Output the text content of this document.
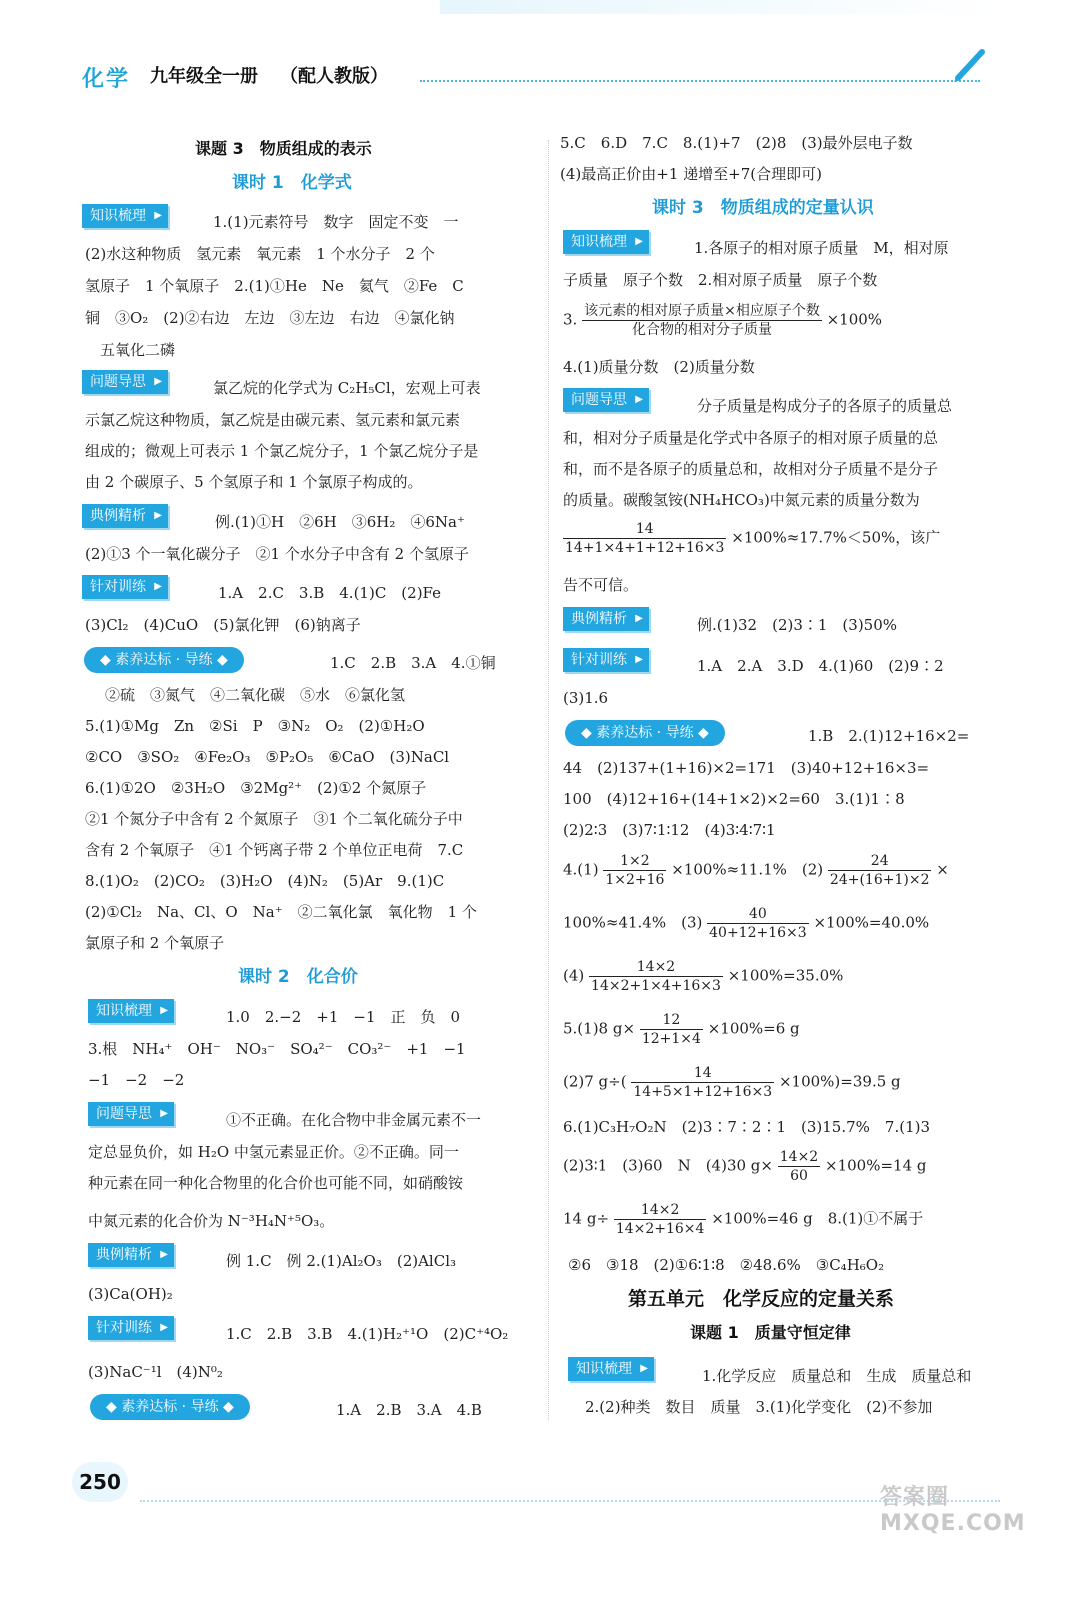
化学 九年级全一册 （配人教版）
课题 3　物质组成的表示
课时 1　化学式
知识梳理 ▶	1.(1)元素符号　数字　固定不变　一
(2)水这种物质　氢元素　氧元素　1 个水分子　2 个
氢原子　1 个氧原子　2.(1)①He　Ne　氦气　②Fe　C
铜　③O₂　(2)②右边　左边　③左边　右边　④氯化钠
五氧化二磷
问题导思 ▶	氯乙烷的化学式为 C₂H₅Cl，宏观上可表
示氯乙烷这种物质，氯乙烷是由碳元素、氢元素和氯元素
组成的；微观上可表示 1 个氯乙烷分子，1 个氯乙烷分子是
由 2 个碳原子、5 个氢原子和 1 个氯原子构成的。
典例精析 ▶	例.(1)①H　②6H　③6H₂　④6Na⁺
(2)①3 个一氧化碳分子　②1 个水分子中含有 2 个氢原子
针对训练 ▶	1.A　2.C　3.B　4.(1)C　(2)Fe
(3)Cl₂　(4)CuO　(5)氯化钾　(6)钠离子
◆ 素养达标 · 导练 ◆	1.C　2.B　3.A　4.①铜
②硫　③氮气　④二氧化碳　⑤水　⑥氯化氢
5.(1)①Mg　Zn　②Si　P　③N₂　O₂　(2)①H₂O
②CO　③SO₂　④Fe₂O₃　⑤P₂O₅　⑥CaO　(3)NaCl
6.(1)①2O　②3H₂O　③2Mg²⁺　(2)①2 个氮原子
②1 个氮分子中含有 2 个氮原子　③1 个二氧化硫分子中
含有 2 个氧原子　④1 个钙离子带 2 个单位正电荷　7.C
8.(1)O₂　(2)CO₂　(3)H₂O　(4)N₂　(5)Ar　9.(1)C
(2)①Cl₂　Na、Cl、O　Na⁺　②二氧化氯　氧化物　1 个
氯原子和 2 个氧原子
课时 2　化合价
知识梳理 ▶	1.0　2.−2　+1　−1　正　负　0
3.根　NH₄⁺　OH⁻　NO₃⁻　SO₄²⁻　CO₃²⁻　+1　−1
−1　−2　−2
问题导思 ▶	①不正确。在化合物中非金属元素不一
定总显负价，如 H₂O 中氢元素显正价。②不正确。同一
种元素在同一种化合物里的化合价也可能不同，如硝酸铵
中氮元素的化合价为 N⁻³H₄N⁺⁵O₃。
典例精析 ▶	例 1.C　例 2.(1)Al₂O₃　(2)AlCl₃
(3)Ca(OH)₂
针对训练 ▶	1.C　2.B　3.B　4.(1)H₂⁺¹O　(2)C⁺⁴O₂
(3)NaC⁻¹l　(4)N⁰₂
◆ 素养达标 · 导练 ◆	1.A　2.B　3.A　4.B
5.C　6.D　7.C　8.(1)+7　(2)8　(3)最外层电子数
(4)最高正价由+1 递增至+7(合理即可)
课时 3　物质组成的定量认识
知识梳理 ▶	1.各原子的相对原子质量　M，相对原
子质量　原子个数　2.相对原子质量　原子个数
3. $\frac{\text{该元素的相对原子质量×相应原子个数}}{\text{化合物的相对分子质量}} \times 100\%$
4.(1)质量分数　(2)质量分数
问题导思 ▶	分子质量是构成分子的各原子的质量总
和，相对分子质量是化学式中各原子的相对原子质量的总
和，而不是各原子的质量总和，故相对分子质量不是分子
的质量。碳酸氢铵(NH₄HCO₃)中氮元素的质量分数为
$\frac{14}{14+1\times 4+1+12+16\times 3} \times 100\%\approx 17.7\%<50\%$，该广
告不可信。
典例精析 ▶	例.(1)32　(2)3∶1　(3)50%
针对训练 ▶	1.A　2.A　3.D　4.(1)60　(2)9∶2
(3)1.6
◆ 素养达标 · 导练 ◆	1.B　2.(1)12+16×2=
44　(2)137+(1+16)×2=171　(3)40+12+16×3=
100　(4)12+16+(14+1×2)×2=60　3.(1)1∶8
(2)2∶3　(3)7∶1∶12　(4)3∶4∶7∶1
$4.(1) \frac{1\times 2}{1\times 2+16} \times 100\%\approx 11.1\%$　$(2) \frac{24}{24+(16+1)\times 2}$ ×
100%≈41.4%　$(3) \frac{40}{40+12+16\times 3} \times 100\%=40.0\%$
$(4) \frac{14\times 2}{14\times 2+1\times 4+16\times 3} \times 100\%=35.0\%$
5.(1)8 $g\times \frac{12}{12+1\times 4} \times 100\%=6$ g
(2)7 $g\div( \frac{14}{14+5\times 1+12+16\times 3} \times 100\%)=39.5$ g
6.(1)C₃H₇O₂N　(2)3∶7∶2∶1　(3)15.7%　7.(1)3
(2)3∶1　(3)60　N　(4)30 $g\times \frac{14\times 2}{60} \times 100\%=14$ g
14 $g\div \frac{14\times 2}{14\times 2+16\times 4} \times 100\%=46$ g　8.(1)①不属于
②6　③18　(2)①6∶1∶8　②48.6%　③C₄H₆O₂
第五单元　化学反应的定量关系
课题 1　质量守恒定律
知识梳理 ▶	1.化学反应　质量总和　生成　质量总和
2.(2)种类　数目　质量　3.(1)化学变化　(2)不参加
250
答案圈 MXQE.COM
